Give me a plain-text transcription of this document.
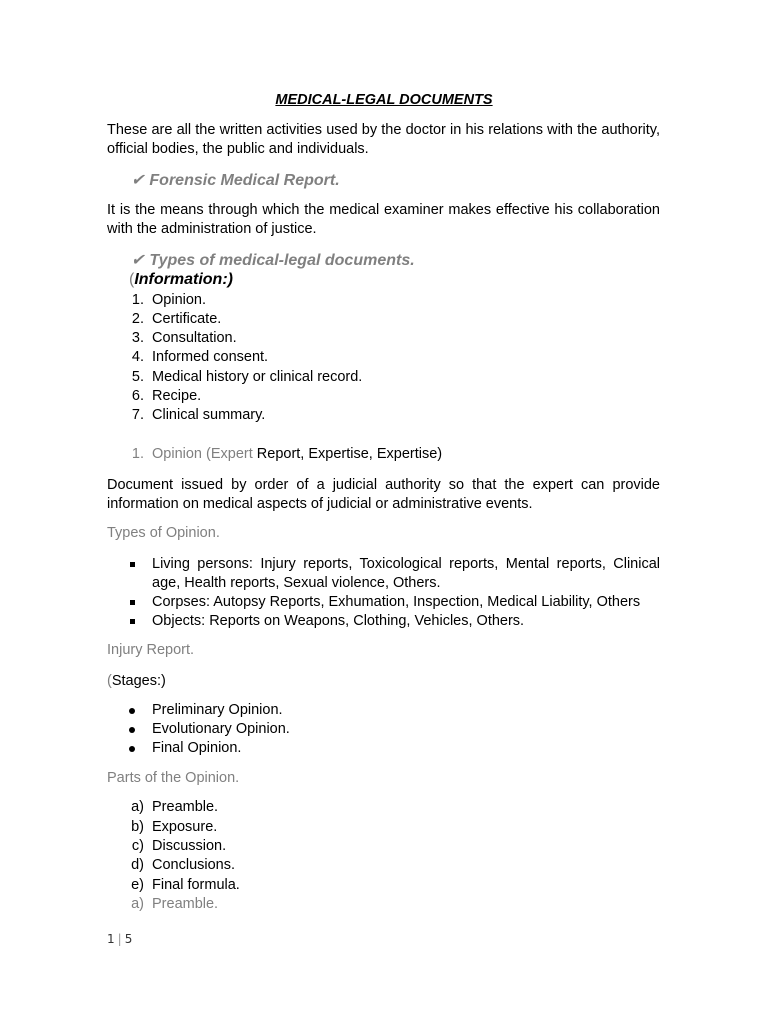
MEDICAL-LEGAL DOCUMENTS
These are all the written activities used by the doctor in his relations with the authority, official bodies, the public and individuals.
✔ Forensic Medical Report.
It is the means through which the medical examiner makes effective his collaboration with the administration of justice.
✔ Types of medical-legal documents.
(Information:)
1. Opinion.
2. Certificate.
3. Consultation.
4. Informed consent.
5. Medical history or clinical record.
6. Recipe.
7. Clinical summary.
1. Opinion (Expert Report, Expertise, Expertise)
Document issued by order of a judicial authority so that the expert can provide information on medical aspects of judicial or administrative events.
Types of Opinion.
Living persons: Injury reports, Toxicological reports, Mental reports, Clinical age, Health reports, Sexual violence, Others.
Corpses: Autopsy Reports, Exhumation, Inspection, Medical Liability, Others
Objects: Reports on Weapons, Clothing, Vehicles, Others.
Injury Report.
(Stages:)
Preliminary Opinion.
Evolutionary Opinion.
Final Opinion.
Parts of the Opinion.
a) Preamble.
b) Exposure.
c) Discussion.
d) Conclusions.
e) Final formula.
a) Preamble.
1 | 5
